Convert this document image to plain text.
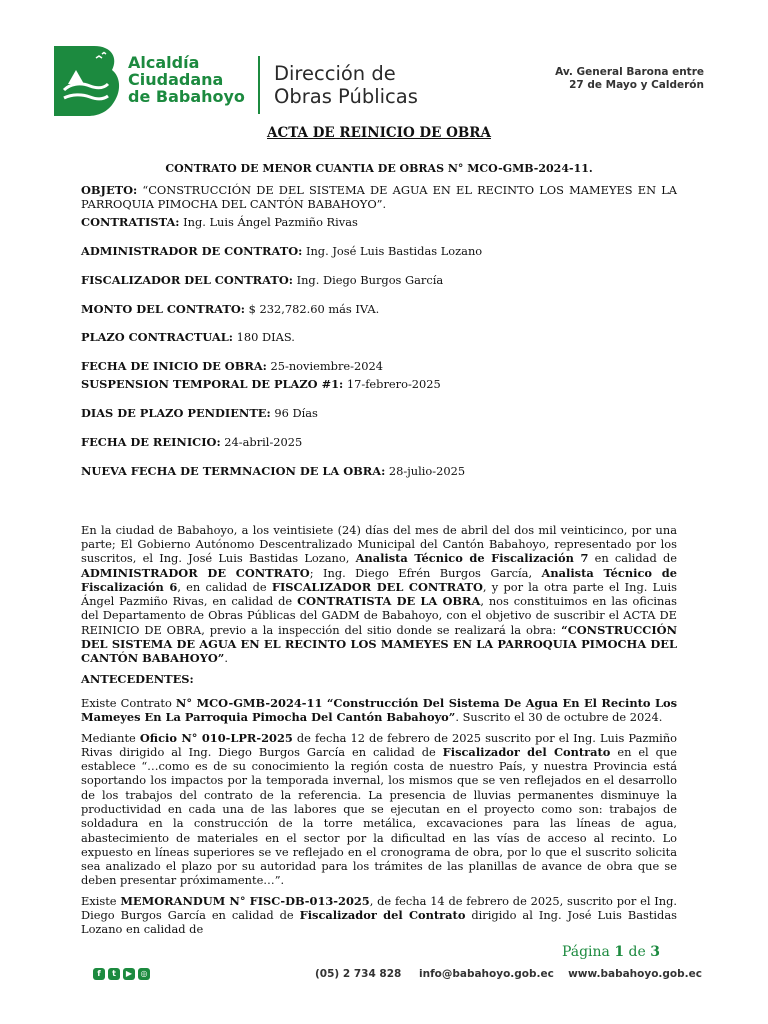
Alcaldía
Ciudadana
de Babahoyo
Dirección de
Obras Públicas
Av. General Barona entre
27 de Mayo y Calderón
ACTA DE REINICIO DE OBRA
CONTRATO DE MENOR CUANTIA DE OBRAS N° MCO-GMB-2024-11.
OBJETO: “CONSTRUCCIÓN DE DEL SISTEMA DE AGUA EN EL RECINTO LOS MAMEYES EN LA PARROQUIA PIMOCHA DEL CANTÓN BABAHOYO”.
CONTRATISTA: Ing. Luis Ángel Pazmiño Rivas
ADMINISTRADOR DE CONTRATO: Ing. José Luis Bastidas Lozano
FISCALIZADOR DEL CONTRATO: Ing. Diego Burgos García
MONTO DEL CONTRATO: $ 232,782.60 más IVA.
PLAZO CONTRACTUAL: 180 DIAS.
FECHA DE INICIO DE OBRA: 25-noviembre-2024
SUSPENSION TEMPORAL DE PLAZO #1: 17-febrero-2025
DIAS DE PLAZO PENDIENTE: 96 Días
FECHA DE REINICIO: 24-abril-2025
NUEVA FECHA DE TERMNACION DE LA OBRA: 28-julio-2025

En la ciudad de Babahoyo, a los veintisiete (24) días del mes de abril del dos mil veinticinco, por una parte; El Gobierno Autónomo Descentralizado Municipal del Cantón Babahoyo, representado por los suscritos, el Ing. José Luis Bastidas Lozano, Analista Técnico de Fiscalización 7 en calidad de ADMINISTRADOR DE CONTRATO; Ing. Diego Efrén Burgos García, Analista Técnico de Fiscalización 6, en calidad de FISCALIZADOR DEL CONTRATO, y por la otra parte el Ing. Luis Ángel Pazmiño Rivas, en calidad de CONTRATISTA DE LA OBRA, nos constituimos en las oficinas del Departamento de Obras Públicas del GADM de Babahoyo, con el objetivo de suscribir el ACTA DE REINICIO DE OBRA, previo a la inspección del sitio donde se realizará la obra: “CONSTRUCCIÓN DEL SISTEMA DE AGUA EN EL RECINTO LOS MAMEYES EN LA PARROQUIA PIMOCHA DEL CANTÓN BABAHOYO”.

ANTECEDENTES:

Existe Contrato N° MCO-GMB-2024-11 “Construcción Del Sistema De Agua En El Recinto Los Mameyes En La Parroquia Pimocha Del Cantón Babahoyo”. Suscrito el 30 de octubre de 2024.

Mediante Oficio N° 010-LPR-2025 de fecha 12 de febrero de 2025 suscrito por el Ing. Luis Pazmiño Rivas dirigido al Ing. Diego Burgos García en calidad de Fiscalizador del Contrato en el que establece “…como es de su conocimiento la región costa de nuestro País, y nuestra Provincia está soportando los impactos por la temporada invernal, los mismos que se ven reflejados en el desarrollo de los trabajos del contrato de la referencia. La presencia de lluvias permanentes disminuye la productividad en cada una de las labores que se ejecutan en el proyecto como son: trabajos de soldadura en la construcción de la torre metálica, excavaciones para las líneas de agua, abastecimiento de materiales en el sector por la dificultad en las vías de acceso al recinto. Lo expuesto en líneas superiores se ve reflejado en el cronograma de obra, por lo que el suscrito solicita sea analizado el plazo por su autoridad para los trámites de las planillas de avance de obra que se deben presentar próximamente…”.

Existe MEMORANDUM N° FISC-DB-013-2025, de fecha 14 de febrero de 2025, suscrito por el Ing. Diego Burgos García en calidad de Fiscalizador del Contrato dirigido al Ing. José Luis Bastidas Lozano en calidad de

Página 1 de 3
f	t	▶	◎	(05) 2 734 828 info@babahoyo.gob.ec www.babahoyo.gob.ec
